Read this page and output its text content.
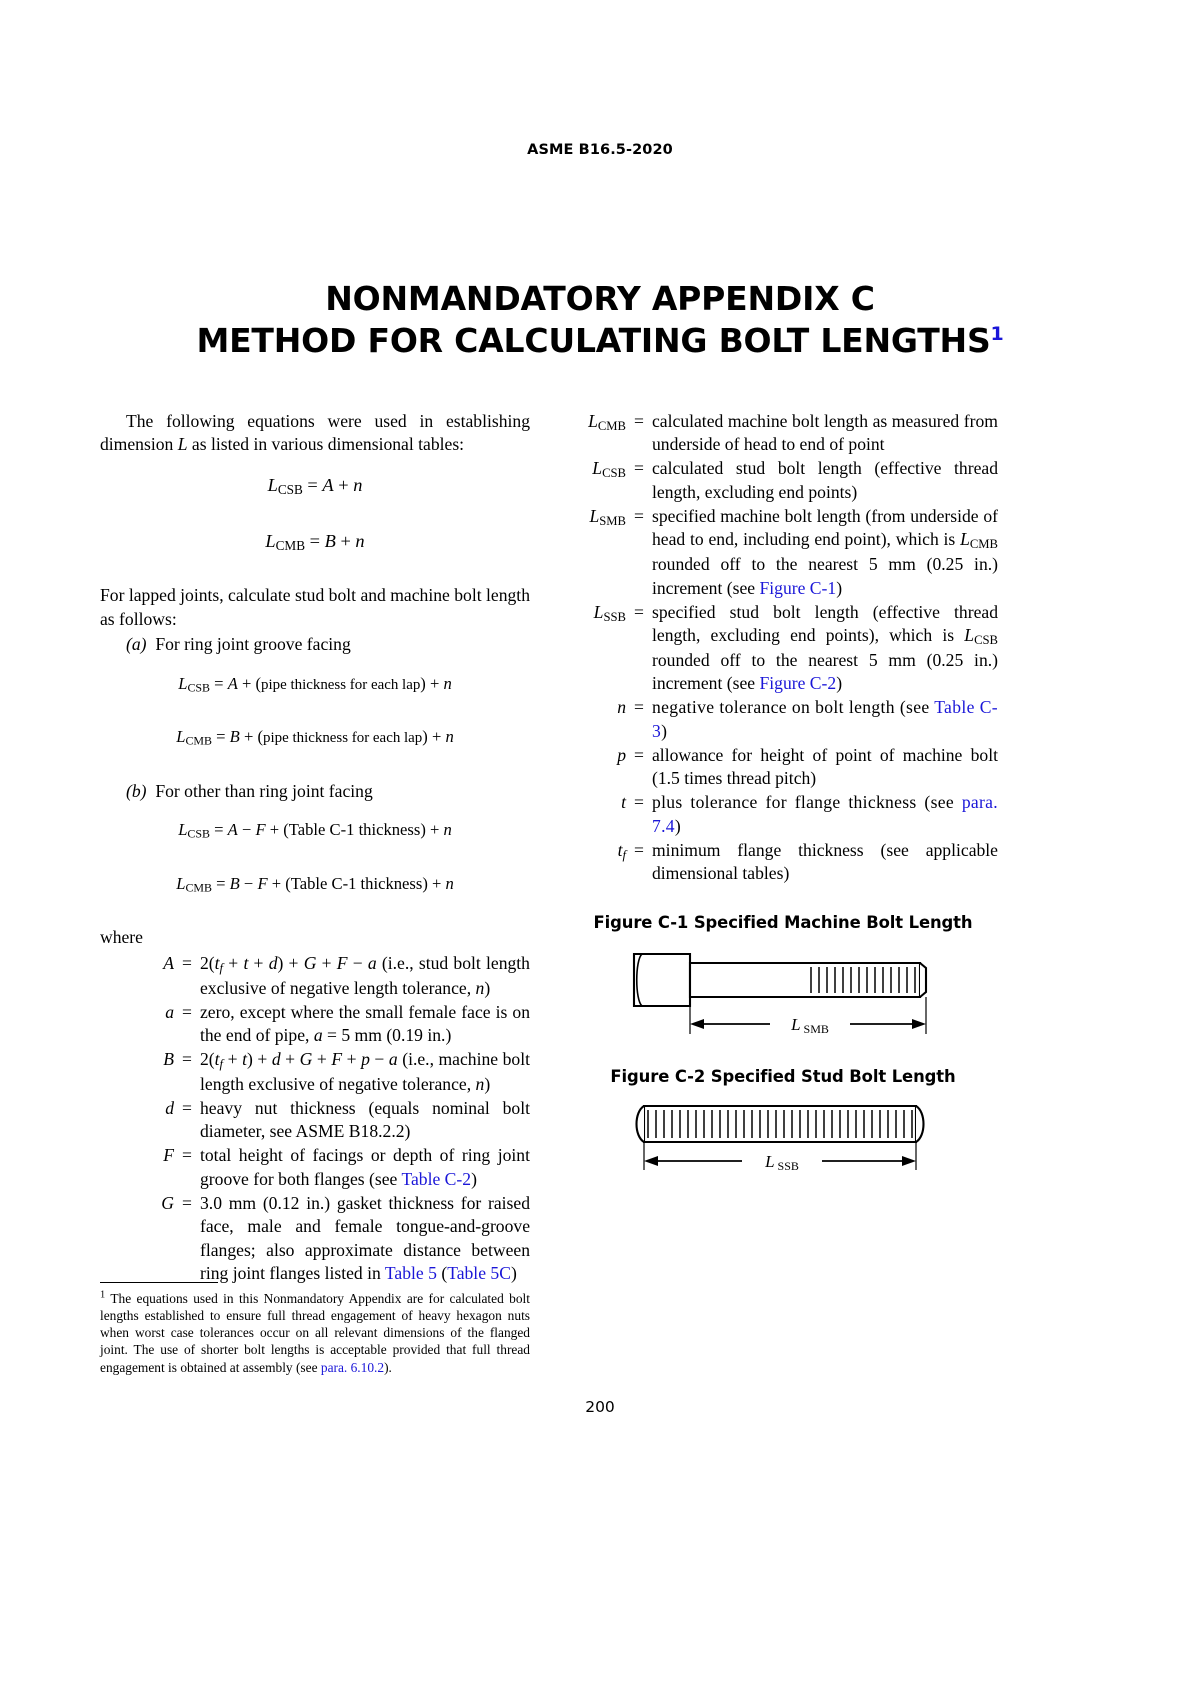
ASME B16.5-2020
NONMANDATORY APPENDIX C
METHOD FOR CALCULATING BOLT LENGTHS$^1$

The following equations were used in establishing dimension L as listed in various dimensional tables:

$L_{CSB} = A + n$
$L_{CMB} = B + n$

For lapped joints, calculate stud bolt and machine bolt length as follows:

(a) For ring joint groove facing

$L_{CSB} = A$ + (pipe thickness for each lap) + n
$L_{CMB} = B$ + (pipe thickness for each lap) + n

(b) For other than ring joint facing

$L_{CSB} = A - F$ + (Table C-1 thickness) + n
$L_{CMB} = B - F$ + (Table C-1 thickness) + n

where

A	=	2(tf + t + d) + G + F − a (i.e., stud bolt length exclusive of negative length tolerance, n)
a	=	zero, except where the small female face is on the end of pipe, a = 5 mm (0.19 in.)
B	=	2(tf + t) + d + G + F + p − a (i.e., machine bolt length exclusive of negative tolerance, n)
d	=	heavy nut thickness (equals nominal bolt diameter, see ASME B18.2.2)
F	=	total height of facings or depth of ring joint groove for both flanges (see Table C-2)
G	=	3.0 mm (0.12 in.) gasket thickness for raised face, male and female tongue-and-groove flanges; also approximate distance between ring joint flanges listed in Table 5 (Table 5C)
$L_{CMB}$	=	calculated machine bolt length as measured from underside of head to end of point
$L_{CSB}$	=	calculated stud bolt length (effective thread length, excluding end points)
$L_{SMB}$	=	specified machine bolt length (from underside of head to end, including end point), which is $L_{CMB}$ rounded off to the nearest 5 mm (0.25 in.) increment (see Figure C-1)
$L_{SSB}$	=	specified stud bolt length (effective thread length, excluding end points), which is $L_{CSB}$ rounded off to the nearest 5 mm (0.25 in.) increment (see Figure C-2)
n	=	negative tolerance on bolt length (see Table C-3)
p	=	allowance for height of point of machine bolt (1.5 times thread pitch)
t	=	plus tolerance for flange thickness (see para. 7.4)
tf	=	minimum flange thickness (see applicable dimensional tables)
Figure C-1 Specified Machine Bolt Length
L SMB
Figure C-2 Specified Stud Bolt Length
L SSB

$^1$ The equations used in this Nonmandatory Appendix are for calculated bolt lengths established to ensure full thread engagement of heavy hexagon nuts when worst case tolerances occur on all relevant dimensions of the flanged joint. The use of shorter bolt lengths is acceptable provided that full thread engagement is obtained at assembly (see para. 6.10.2).

200
